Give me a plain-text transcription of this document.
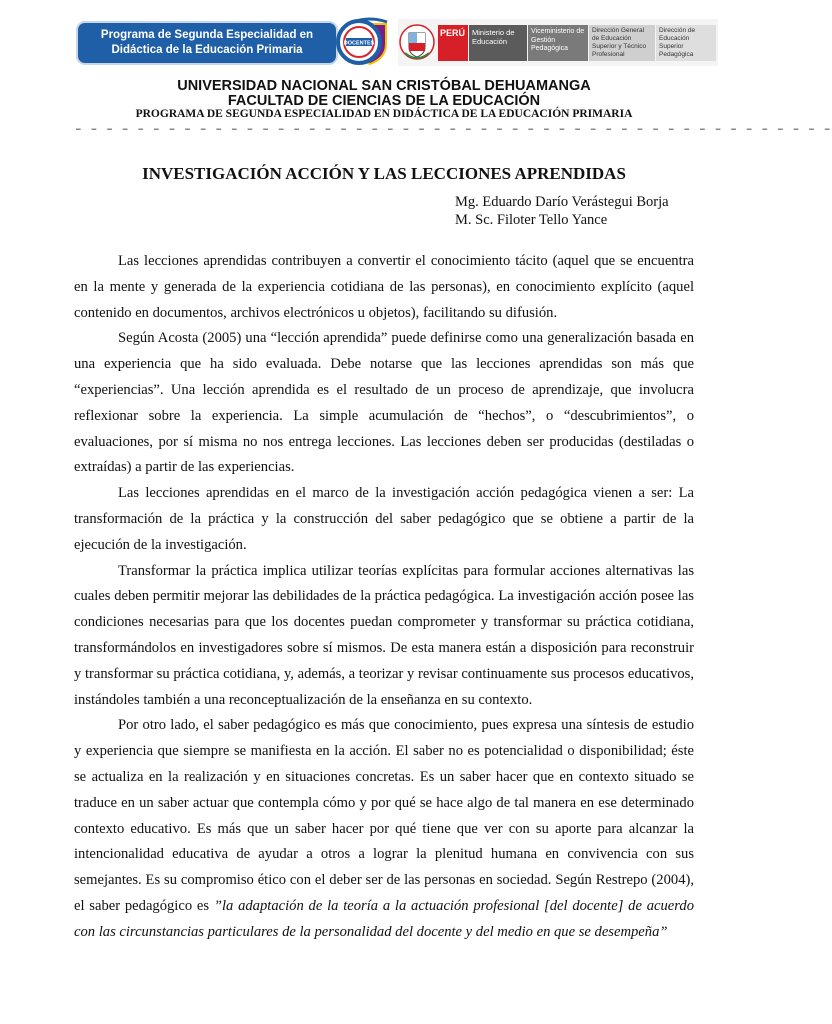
Programa de Segunda Especialidad en
Didáctica de la Educación Primaria
DOCENTES
PERÚ Ministerio de Educación
Viceministerio de Gestión Pedagógica
Dirección General de Educación Superior y Técnico Profesional
Dirección de Educación Superior Pedagógica
UNIVERSIDAD NACIONAL SAN CRISTÓBAL DEHUAMANGA
FACULTAD DE CIENCIAS DE LA EDUCACIÓN
PROGRAMA DE SEGUNDA ESPECIALIDAD EN DIDÁCTICA DE LA EDUCACIÓN PRIMARIA
– – – – – – – – – – – – – – – – – – – – – – – – – – – – – – – – – – – – – – – – – – – – – – – – –
INVESTIGACIÓN ACCIÓN Y LAS LECCIONES APRENDIDAS
Mg. Eduardo Darío Verástegui Borja
M. Sc. Filoter Tello Yance

Las lecciones aprendidas contribuyen a convertir el conocimiento tácito (aquel que se encuentra en la mente y generada de la experiencia cotidiana de las personas), en conocimiento explícito (aquel contenido en documentos, archivos electrónicos u objetos), facilitando su difusión.

Según Acosta (2005) una “lección aprendida” puede definirse como una generalización basada en una experiencia que ha sido evaluada. Debe notarse que las lecciones aprendidas son más que “experiencias”. Una lección aprendida es el resultado de un proceso de aprendizaje, que involucra reflexionar sobre la experiencia. La simple acumulación de “hechos”, o “descubrimientos”, o evaluaciones, por sí misma no nos entrega lecciones. Las lecciones deben ser producidas (destiladas o extraídas) a partir de las experiencias.

Las lecciones aprendidas en el marco de la investigación acción pedagógica vienen a ser: La transformación de la práctica y la construcción del saber pedagógico que se obtiene a partir de la ejecución de la investigación.

Transformar la práctica implica utilizar teorías explícitas para formular acciones alternativas las cuales deben permitir mejorar las debilidades de la práctica pedagógica. La investigación acción posee las condiciones necesarias para que los docentes puedan comprometer y transformar su práctica cotidiana, transformándolos en investigadores sobre sí mismos. De esta manera están a disposición para reconstruir y transformar su práctica cotidiana, y, además, a teorizar y revisar continuamente sus procesos educativos, instándoles también a una reconceptualización de la enseñanza en su contexto.

Por otro lado, el saber pedagógico es más que conocimiento, pues expresa una síntesis de estudio y experiencia que siempre se manifiesta en la acción. El saber no es potencialidad o disponibilidad; éste se actualiza en la realización y en situaciones concretas. Es un saber hacer que en contexto situado se traduce en un saber actuar que contempla cómo y por qué se hace algo de tal manera en ese determinado contexto educativo. Es más que un saber hacer por qué tiene que ver con su aporte para alcanzar la intencionalidad educativa de ayudar a otros a lograr la plenitud humana en convivencia con sus semejantes. Es su compromiso ético con el deber ser de las personas en sociedad. Según Restrepo (2004), el saber pedagógico es ”la adaptación de la teoría a la actuación profesional [del docente] de acuerdo con las circunstancias particulares de la personalidad del docente y del medio en que se desempeña”
